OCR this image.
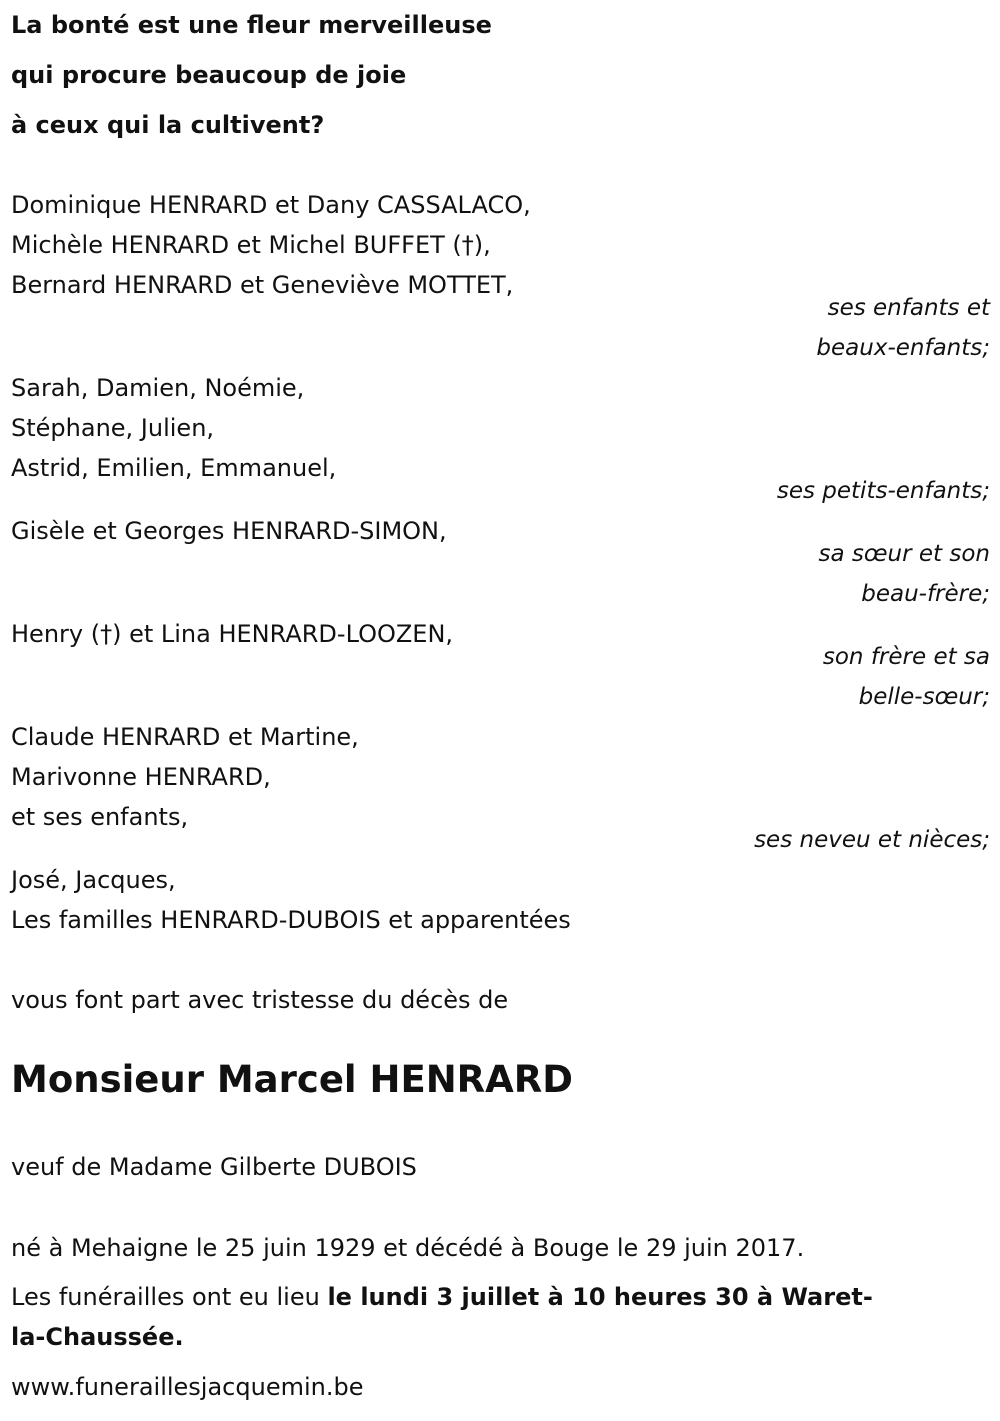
La bonté est une fleur merveilleuse
qui procure beaucoup de joie
à ceux qui la cultivent?
Dominique HENRARD et Dany CASSALACO,
Michèle HENRARD et Michel BUFFET (†),
Bernard HENRARD et Geneviève MOTTET,
ses enfants et
beaux-enfants;
Sarah, Damien, Noémie,
Stéphane, Julien,
Astrid, Emilien, Emmanuel,
ses petits-enfants;
Gisèle et Georges HENRARD-SIMON,
sa sœur et son
beau-frère;
Henry (†) et Lina HENRARD-LOOZEN,
son frère et sa
belle-sœur;
Claude HENRARD et Martine,
Marivonne HENRARD,
et ses enfants,
ses neveu et nièces;
José, Jacques,
Les familles HENRARD-DUBOIS et apparentées
vous font part avec tristesse du décès de
Monsieur Marcel HENRARD
veuf de Madame Gilberte DUBOIS
né à Mehaigne le 25 juin 1929 et décédé à Bouge le 29 juin 2017.
Les funérailles ont eu lieu le lundi 3 juillet à 10 heures 30 à Waret-
la-Chaussée.
www.funeraillesjacquemin.be
